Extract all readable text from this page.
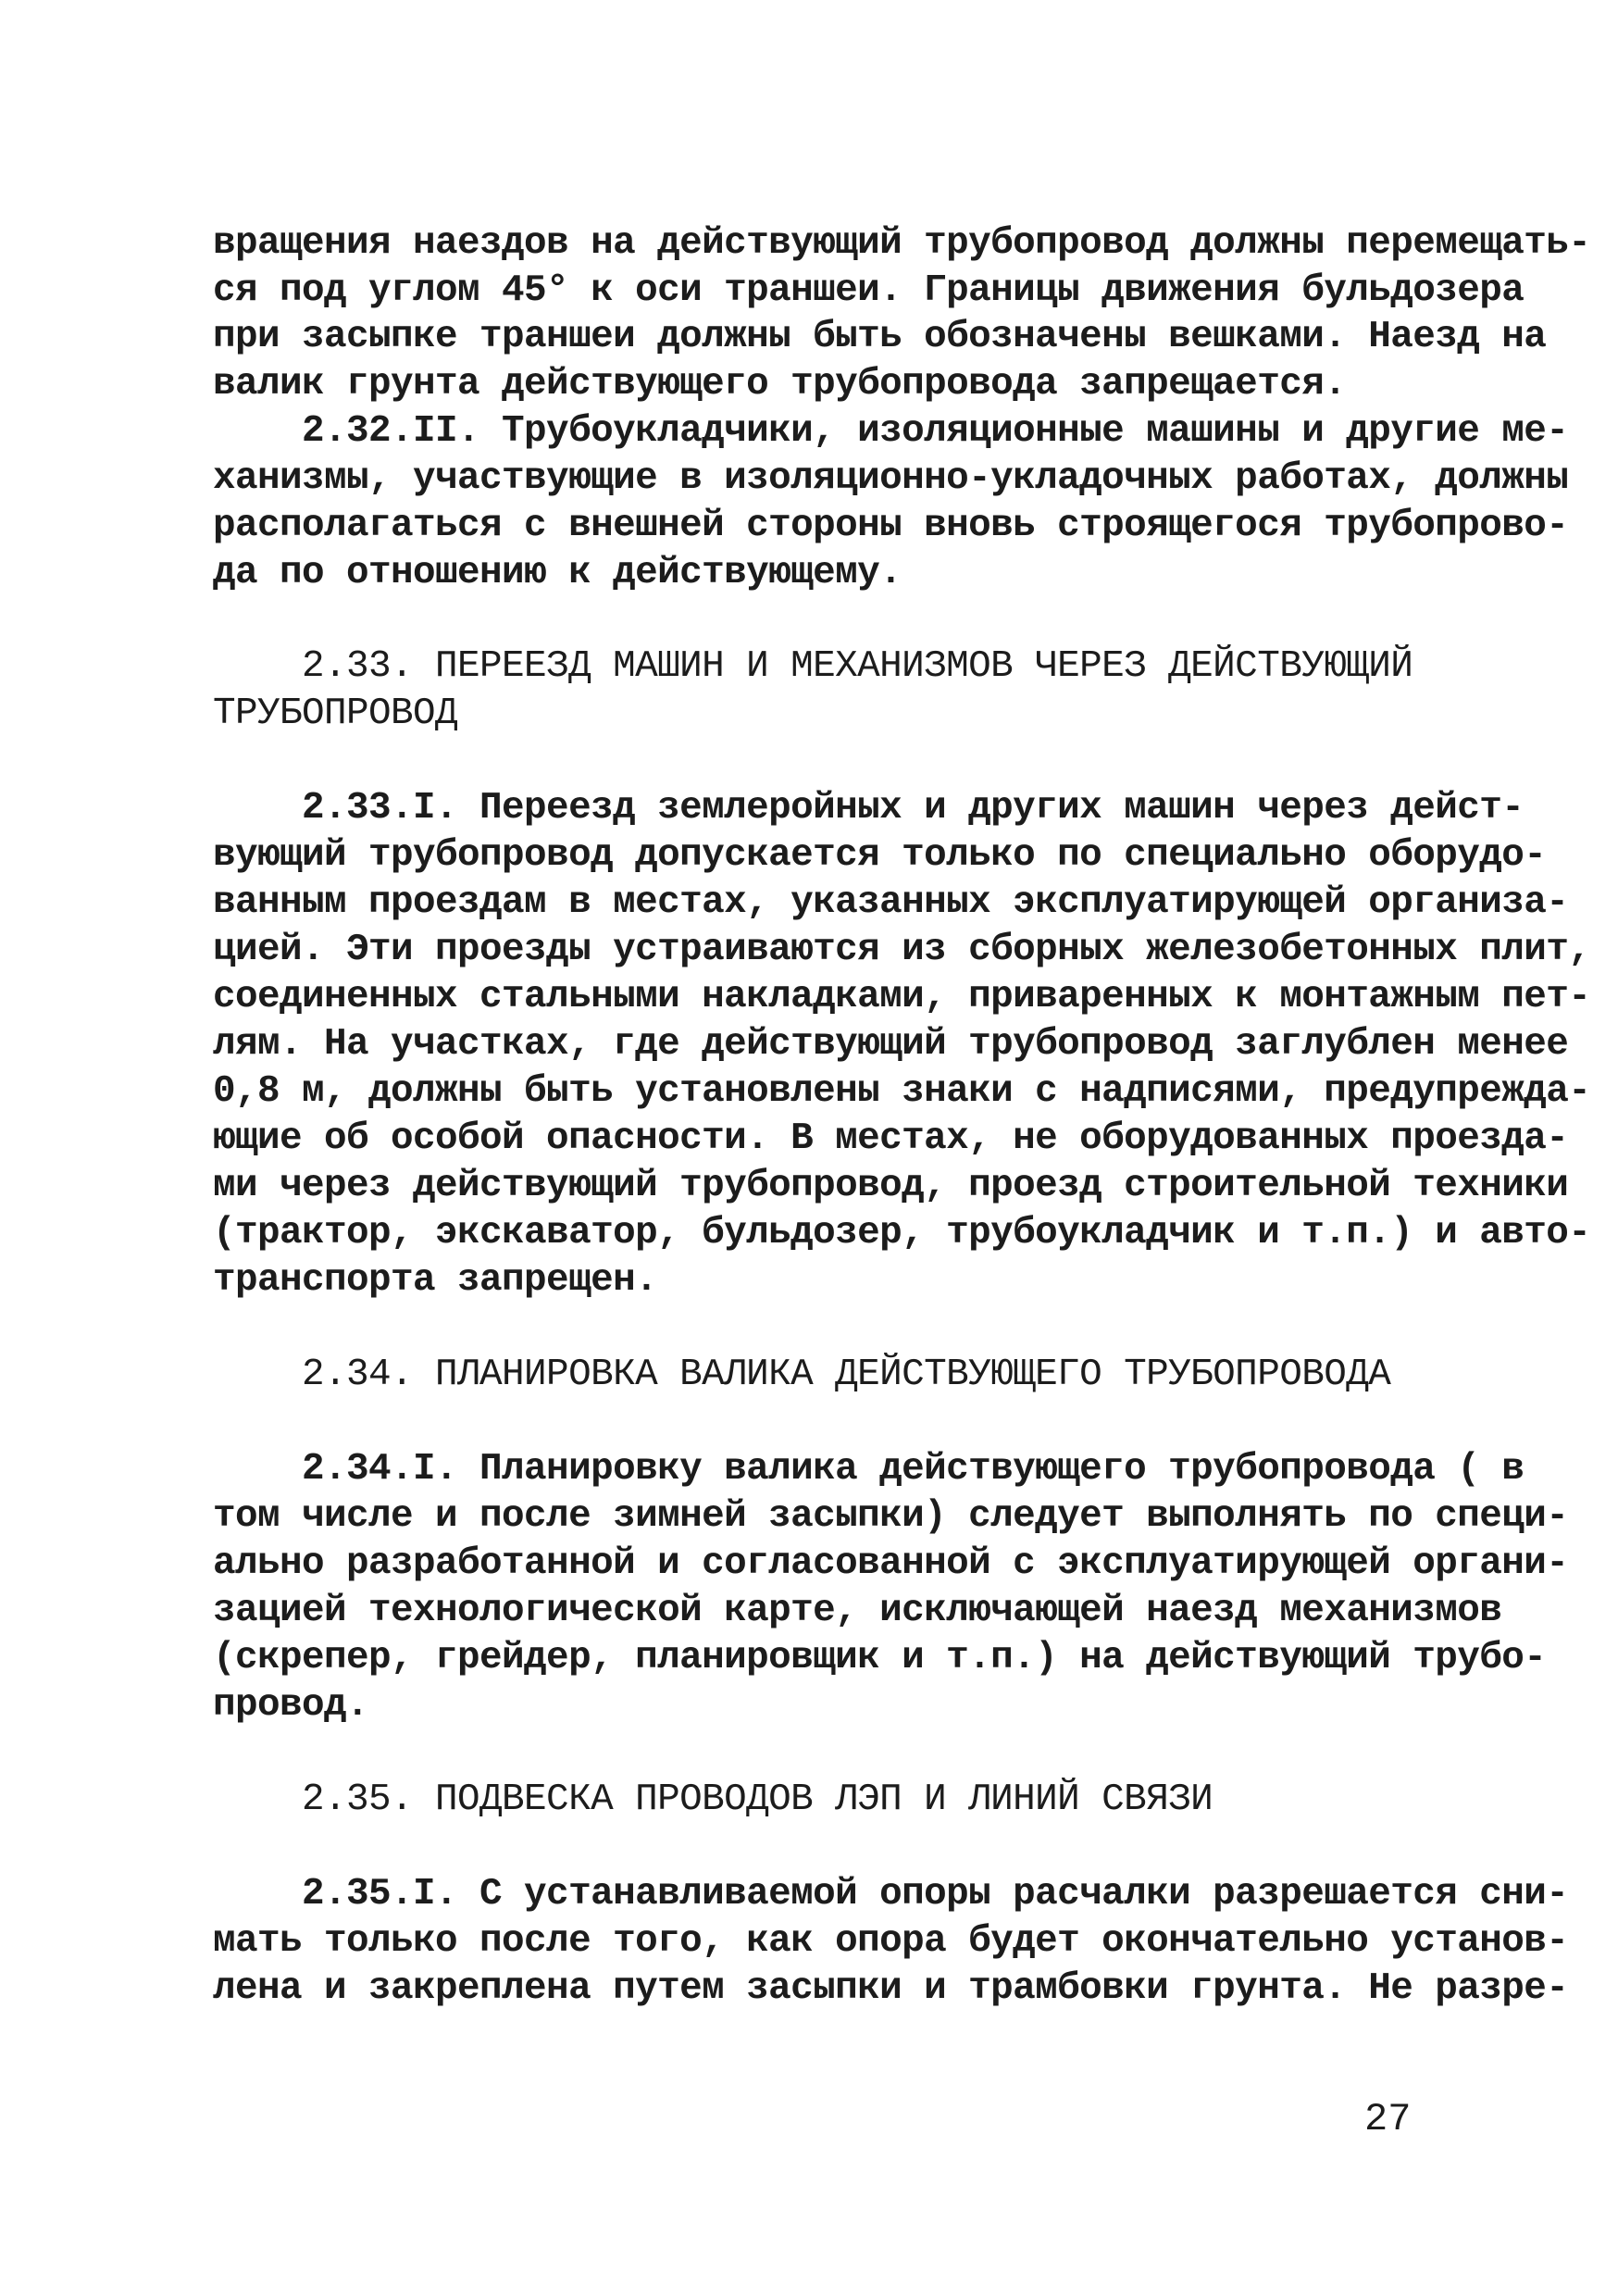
вращения наездов на действующий трубопровод должны перемещать-
ся под углом 45° к оси траншеи. Границы движения бульдозера
при засыпке траншеи должны быть обозначены вешками. Наезд на
валик грунта действующего трубопровода запрещается.
2.32.II. Трубоукладчики, изоляционные машины и другие ме-
ханизмы, участвующие в изоляционно-укладочных работах, должны
располагаться с внешней стороны вновь строящегося трубопрово-
да по отношению к действующему.
2.33. ПЕРЕЕЗД МАШИН И МЕХАНИЗМОВ ЧЕРЕЗ ДЕЙСТВУЮЩИЙ
ТРУБОПРОВОД
2.33.I. Переезд землеройных и других машин через дейст-
вующий трубопровод допускается только по специально оборудо-
ванным проездам в местах, указанных эксплуатирующей организа-
цией. Эти проезды устраиваются из сборных железобетонных плит,
соединенных стальными накладками, приваренных к монтажным пет-
лям. На участках, где действующий трубопровод заглублен менее
0,8 м, должны быть установлены знаки с надписями, предупрежда-
ющие об особой опасности. В местах, не оборудованных проезда-
ми через действующий трубопровод, проезд строительной техники
(трактор, экскаватор, бульдозер, трубоукладчик и т.п.) и авто-
транспорта запрещен.
2.34. ПЛАНИРОВКА ВАЛИКА ДЕЙСТВУЮЩЕГО ТРУБОПРОВОДА
2.34.I. Планировку валика действующего трубопровода ( в
том числе и после зимней засыпки) следует выполнять по специ-
ально разработанной и согласованной с эксплуатирующей органи-
зацией технологической карте, исключающей наезд механизмов
(скрепер, грейдер, планировщик и т.п.) на действующий трубо-
провод.
2.35. ПОДВЕСКА ПРОВОДОВ ЛЭП И ЛИНИЙ СВЯЗИ
2.35.I. С устанавливаемой опоры расчалки разрешается сни-
мать только после того, как опора будет окончательно установ-
лена и закреплена путем засыпки и трамбовки грунта. Не разре-
27
